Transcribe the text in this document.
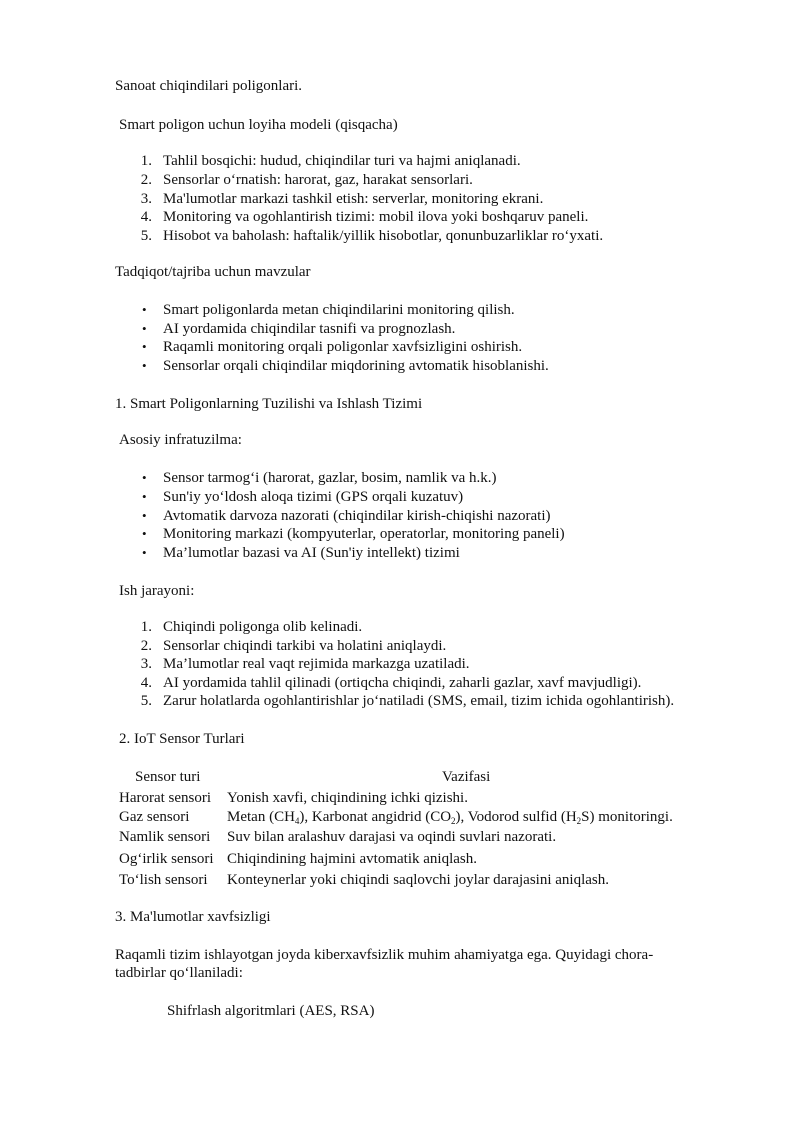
Sanoat chiqindilari poligonlari.
Smart poligon uchun loyiha modeli (qisqacha)
1. Tahlil bosqichi: hudud, chiqindilar turi va hajmi aniqlanadi.
2. Sensorlar o‘rnatish: harorat, gaz, harakat sensorlari.
3. Ma'lumotlar markazi tashkil etish: serverlar, monitoring ekrani.
4. Monitoring va ogohlantirish tizimi: mobil ilova yoki boshqaruv paneli.
5. Hisobot va baholash: haftalik/yillik hisobotlar, qonunbuzarliklar ro‘yxati.
Tadqiqot/tajriba uchun mavzular
• Smart poligonlarda metan chiqindilarini monitoring qilish.
• AI yordamida chiqindilar tasnifi va prognozlash.
• Raqamli monitoring orqali poligonlar xavfsizligini oshirish.
• Sensorlar orqali chiqindilar miqdorining avtomatik hisoblanishi.
1. Smart Poligonlarning Tuzilishi va Ishlash Tizimi
Asosiy infratuzilma:
• Sensor tarmog‘i (harorat, gazlar, bosim, namlik va h.k.)
• Sun'iy yo‘ldosh aloqa tizimi (GPS orqali kuzatuv)
• Avtomatik darvoza nazorati (chiqindilar kirish-chiqishi nazorati)
• Monitoring markazi (kompyuterlar, operatorlar, monitoring paneli)
• Ma’lumotlar bazasi va AI (Sun'iy intellekt) tizimi
Ish jarayoni:
1. Chiqindi poligonga olib kelinadi.
2. Sensorlar chiqindi tarkibi va holatini aniqlaydi.
3. Ma’lumotlar real vaqt rejimida markazga uzatiladi.
4. AI yordamida tahlil qilinadi (ortiqcha chiqindi, zaharli gazlar, xavf mavjudligi).
5. Zarur holatlarda ogohlantirishlar jo‘natiladi (SMS, email, tizim ichida ogohlantirish).
2. IoT Sensor Turlari
Sensor turi	Vazifasi
Harorat sensori Yonish xavfi, chiqindining ichki qizishi.
Gaz sensori	Metan $(CH_4)$, Karbonat angidrid $(CO_2)$, Vodorod sulfid $(H_2S)$ monitoringi.
Namlik sensori Suv bilan aralashuv darajasi va oqindi suvlari nazorati.
Og‘irlik sensori Chiqindining hajmini avtomatik aniqlash.
To‘lish sensori Konteynerlar yoki chiqindi saqlovchi joylar darajasini aniqlash.
3. Ma'lumotlar xavfsizligi
Raqamli tizim ishlayotgan joyda kiberxavfsizlik muhim ahamiyatga ega. Quyidagi chora-
tadbirlar qo‘llaniladi:
Shifrlash algoritmlari (AES, RSA)
